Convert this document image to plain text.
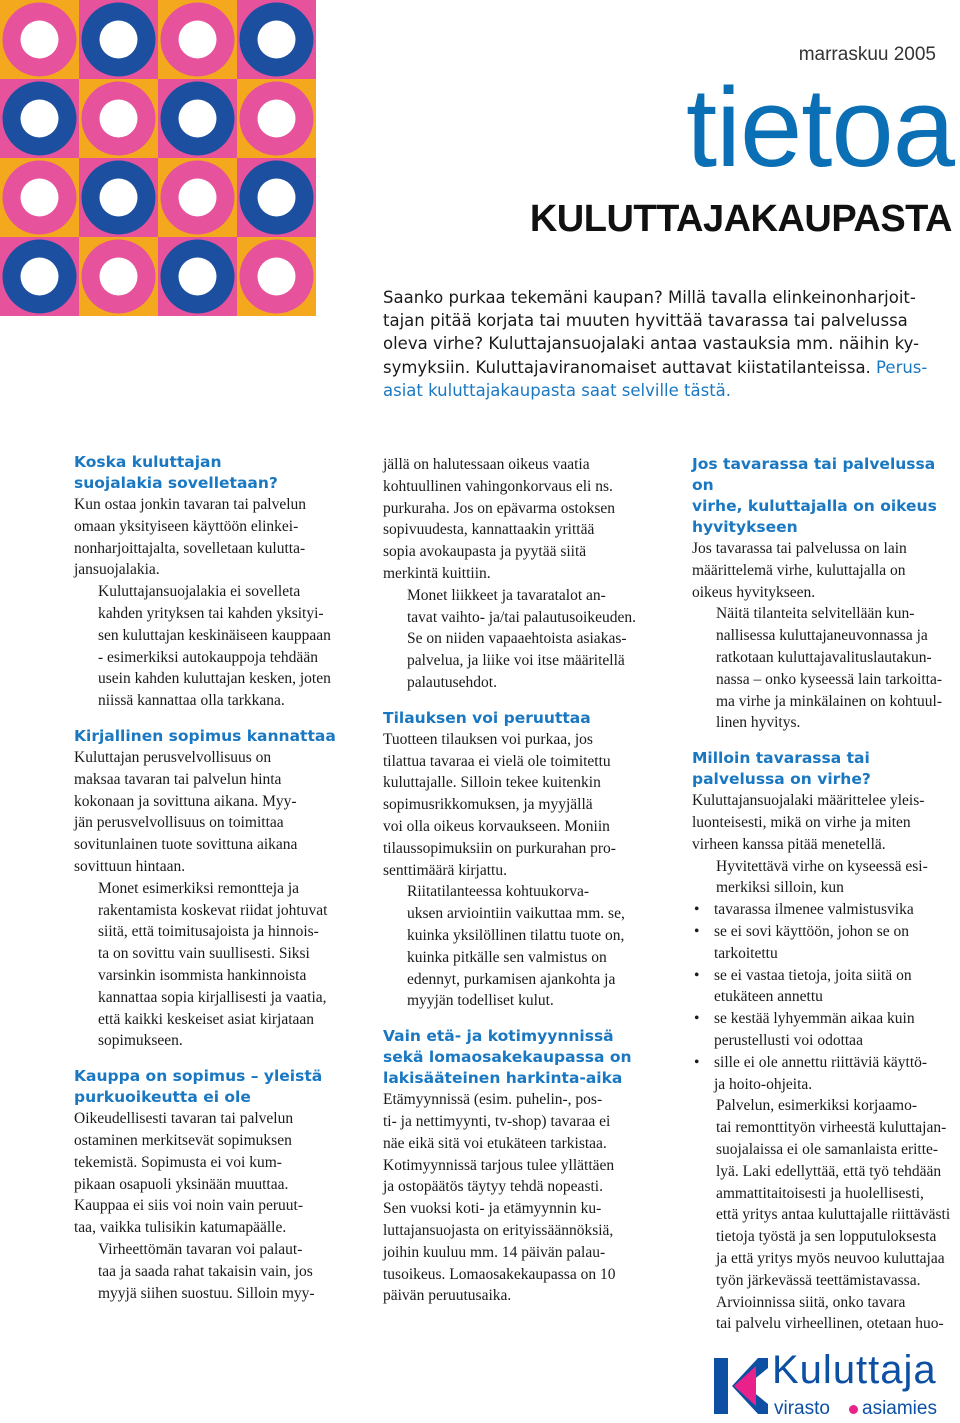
marraskuu 2005
tietoa
KULUTTAJAKAUPASTA

Saanko purkaa tekemäni kaupan? Millä tavalla elinkeinonharjoit-

tajan pitää korjata tai muuten hyvittää tavarassa tai palvelussa

oleva virhe? Kuluttajansuojalaki antaa vastauksia mm. näihin ky-

symyksiin. Kuluttajaviranomaiset auttavat kiistatilanteissa. Perus-

asiat kuluttajakaupasta saat selville tästä.

Koska kuluttajan
suojalakia sovelletaan?

Kun ostaa jonkin tavaran tai palvelun
omaan yksityiseen käyttöön elinkei-
nonharjoittajalta, sovelletaan kulutta-
jansuojalakia.

Kuluttajansuojalakia ei sovelleta
kahden yrityksen tai kahden yksityi-
sen kuluttajan keskinäiseen kauppaan
- esimerkiksi autokauppoja tehdään
usein kahden kuluttajan kesken, joten
niissä kannattaa olla tarkkana.

Kirjallinen sopimus kannattaa

Kuluttajan perusvelvollisuus on
maksaa tavaran tai palvelun hinta
kokonaan ja sovittuna aikana. Myy-
jän perusvelvollisuus on toimittaa
sovitunlainen tuote sovittuna aikana
sovittuun hintaan.

Monet esimerkiksi remontteja ja
rakentamista koskevat riidat johtuvat
siitä, että toimitusajoista ja hinnois-
ta on sovittu vain suullisesti. Siksi
varsinkin isommista hankinnoista
kannattaa sopia kirjallisesti ja vaatia,
että kaikki keskeiset asiat kirjataan
sopimukseen.

Kauppa on sopimus – yleistä
purkuoikeutta ei ole

Oikeudellisesti tavaran tai palvelun
ostaminen merkitsevät sopimuksen
tekemistä. Sopimusta ei voi kum-
pikaan osapuoli yksinään muuttaa.
Kauppaa ei siis voi noin vain peruut-
taa, vaikka tulisikin katumapäälle.

Virheettömän tavaran voi palaut-
taa ja saada rahat takaisin vain, jos
myyjä siihen suostuu. Silloin myy-

jällä on halutessaan oikeus vaatia
kohtuullinen vahingonkorvaus eli ns.
purkuraha. Jos on epävarma ostoksen
sopivuudesta, kannattaakin yrittää
sopia avokaupasta ja pyytää siitä
merkintä kuittiin.

Monet liikkeet ja tavaratalot an-
tavat vaihto- ja/tai palautusoikeuden.
Se on niiden vapaaehtoista asiakas-
palvelua, ja liike voi itse määritellä
palautusehdot.

Tilauksen voi peruuttaa

Tuotteen tilauksen voi purkaa, jos
tilattua tavaraa ei vielä ole toimitettu
kuluttajalle. Silloin tekee kuitenkin
sopimusrikkomuksen, ja myyjällä
voi olla oikeus korvaukseen. Moniin
tilaussopimuksiin on purkurahan pro-
senttimäärä kirjattu.

Riitatilanteessa kohtuukorva-
uksen arviointiin vaikuttaa mm. se,
kuinka yksilöllinen tilattu tuote on,
kuinka pitkälle sen valmistus on
edennyt, purkamisen ajankohta ja
myyjän todelliset kulut.

Vain etä- ja kotimyynnissä
sekä lomaosakekaupassa on
lakisääteinen harkinta-aika

Etämyynnissä (esim. puhelin-, pos-
ti- ja nettimyynti, tv-shop) tavaraa ei
näe eikä sitä voi etukäteen tarkistaa.
Kotimyynnissä tarjous tulee yllättäen
ja ostopäätös täytyy tehdä nopeasti.
Sen vuoksi koti- ja etämyynnin ku-
luttajansuojasta on erityissäännöksiä,
joihin kuuluu mm. 14 päivän palau-
tusoikeus. Lomaosakekaupassa on 10
päivän peruutusaika.

Jos tavarassa tai palvelussa on
virhe, kuluttajalla on oikeus
hyvitykseen

Jos tavarassa tai palvelussa on lain
määrittelemä virhe, kuluttajalla on
oikeus hyvitykseen.

Näitä tilanteita selvitellään kun-
nallisessa kuluttajaneuvonnassa ja
ratkotaan kuluttajavalituslautakun-
nassa – onko kyseessä lain tarkoitta-
ma virhe ja minkälainen on kohtuul-
linen hyvitys.

Milloin tavarassa tai
palvelussa on virhe?

Kuluttajansuojalaki määrittelee yleis-
luonteisesti, mikä on virhe ja miten
virheen kanssa pitää menetellä.

Hyvitettävä virhe on kyseessä esi-
merkiksi silloin, kun

• tavarassa ilmenee valmistusvika
• se ei sovi käyttöön, johon se on
tarkoitettu
• se ei vastaa tietoja, joita siitä on
etukäteen annettu
• se kestää lyhyemmän aikaa kuin
perustellusti voi odottaa
• sille ei ole annettu riittäviä käyttö-
ja hoito-ohjeita.

Palvelun, esimerkiksi korjaamo-
tai remonttityön virheestä kuluttajan-
suojalaissa ei ole samanlaista eritte-
lyä. Laki edellyttää, että työ tehdään
ammattitaitoisesti ja huolellisesti,
että yritys antaa kuluttajalle riittävästi
tietoja työstä ja sen lopputuloksesta
ja että yritys myös neuvoo kuluttajaa
työn järkevässä teettämistavassa.

Arvioinnissa siitä, onko tavara
tai palvelu virheellinen, otetaan huo-

Kuluttaja
virasto asiamies
